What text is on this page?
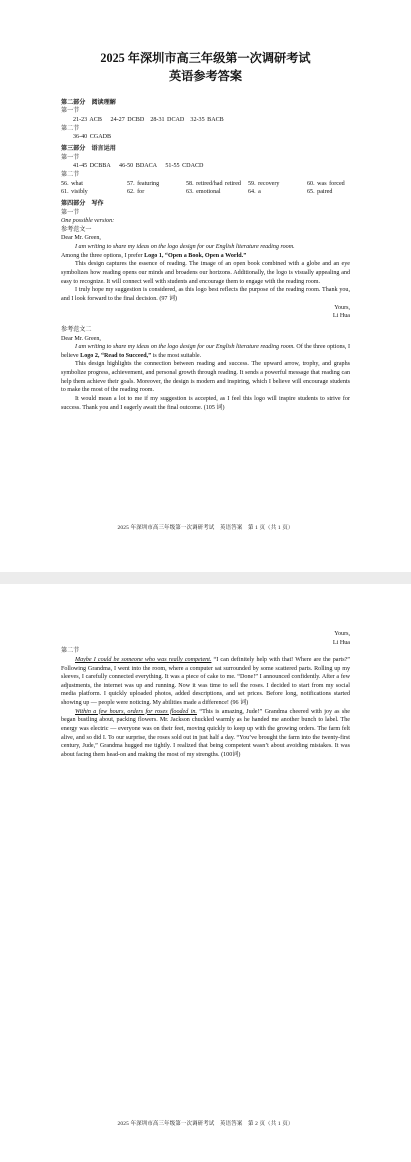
2025 年深圳市高三年级第一次调研考试
英语参考答案
第二部分　阅读理解
第一节
21-23 ACB　 24-27 DCBD　28-31 DCAD　32-35 BACB
第二节
36-40 CGADB
第三部分　语言运用
第一节
41-45 DCBBA　 46-50 BDACA　 51-55 CDACD
第二节
56. what	57. featuring	58. retired/had retired	59. recovery	60. was forced
61. visibly	62. for	63. emotional	64. a	65. paired
第四部分　写作
第一节
One possible version:
参考范文一
Dear Mr. Green,

I am writing to share my ideas on the logo design for our English literature reading room.

Among the three options, I prefer Logo 1, “Open a Book, Open a World.”

This design captures the essence of reading. The image of an open book combined with a globe and an eye symbolizes how reading opens our minds and broadens our horizons. Additionally, the logo is visually appealing and easy to recognize. It will connect well with students and encourage them to engage with the reading room.

I truly hope my suggestion is considered, as this logo best reflects the purpose of the reading room. Thank you, and I look forward to the final decision. (97 词)

Yours,
Li Hua
参考范文二
Dear Mr. Green,

I am writing to share my ideas on the logo design for our English literature reading room. Of the three options, I believe Logo 2, “Read to Succeed,” is the most suitable.

This design highlights the connection between reading and success. The upward arrow, trophy, and graphs symbolize progress, achievement, and personal growth through reading. It sends a powerful message that reading can help them achieve their goals. Moreover, the design is modern and inspiring, which I believe will encourage students to make the most of the reading room.

It would mean a lot to me if my suggestion is accepted, as I feel this logo will inspire students to strive for success. Thank you and I eagerly await the final outcome. (105 词)

2025 年深圳市高三年级第一次调研考试　英语答案　第 1 页（共 1 页）
Yours,
Li Hua
第二节

Maybe I could be someone who was really competent. “I can definitely help with that! Where are the parts?” Following Grandma, I went into the room, where a computer sat surrounded by some scattered parts. Rolling up my sleeves, I carefully connected everything. It was a piece of cake to me. “Done!” I announced confidently. After a few adjustments, the internet was up and running. Now it was time to sell the roses. I decided to start from my social media platform. I quickly uploaded photos, added descriptions, and set prices. Before long, notifications started showing up — people were noticing. My abilities made a difference! (96 词)

Within a few hours, orders for roses flooded in. “This is amazing, Jude!” Grandma cheered with joy as she began bustling about, packing flowers. Mr. Jackson chuckled warmly as he handed me another bunch to label. The energy was electric — everyone was on their feet, moving quickly to keep up with the growing orders. The farm felt alive, and so did I. To our surprise, the roses sold out in just half a day. “You’ve brought the farm into the twenty-first century, Jude,” Grandma hugged me tightly. I realized that being competent wasn’t about avoiding mistakes. It was about facing them head-on and making the most of my strengths. (100词)

2025 年深圳市高三年级第一次调研考试　英语答案　第 2 页（共 1 页）
